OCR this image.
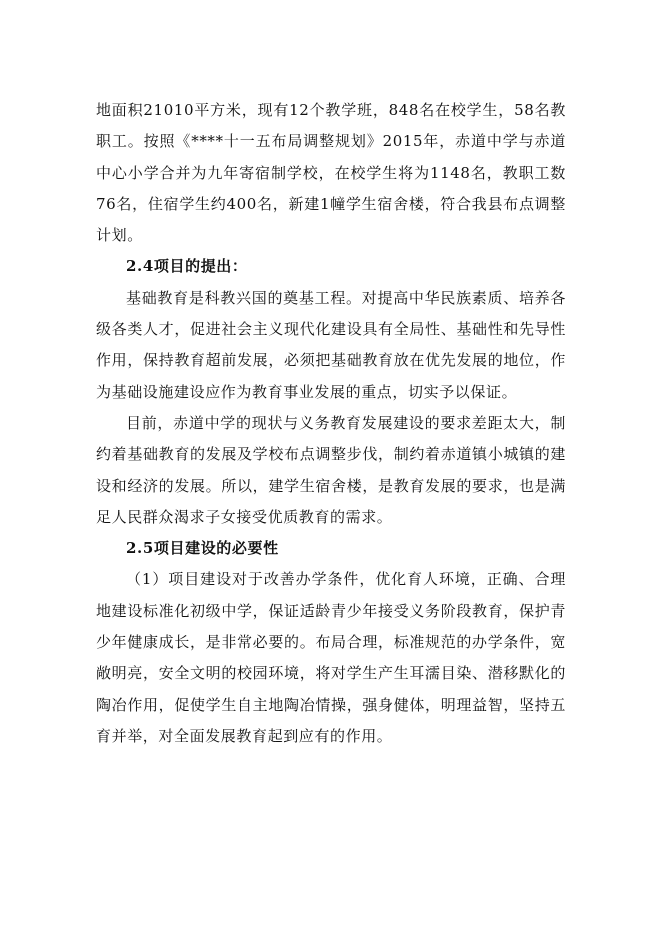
地面积21010平方米，现有12个教学班，848名在校学生，58名教职工。按照《****十一五布局调整规划》2015年，赤道中学与赤道中心小学合并为九年寄宿制学校，在校学生将为1148名，教职工数76名，住宿学生约400名，新建1幢学生宿舍楼，符合我县布点调整计划。

2.4项目的提出：

基础教育是科教兴国的奠基工程。对提高中华民族素质、培养各级各类人才，促进社会主义现代化建设具有全局性、基础性和先导性作用，保持教育超前发展，必须把基础教育放在优先发展的地位，作为基础设施建设应作为教育事业发展的重点，切实予以保证。

目前，赤道中学的现状与义务教育发展建设的要求差距太大，制约着基础教育的发展及学校布点调整步伐，制约着赤道镇小城镇的建设和经济的发展。所以，建学生宿舍楼，是教育发展的要求，也是满足人民群众渴求子女接受优质教育的需求。

2.5项目建设的必要性

（1）项目建设对于改善办学条件，优化育人环境，正确、合理地建设标准化初级中学，保证适龄青少年接受义务阶段教育，保护青少年健康成长，是非常必要的。布局合理，标准规范的办学条件，宽敞明亮，安全文明的校园环境，将对学生产生耳濡目染、潜移默化的陶冶作用，促使学生自主地陶冶情操，强身健体，明理益智，坚持五育并举，对全面发展教育起到应有的作用。
